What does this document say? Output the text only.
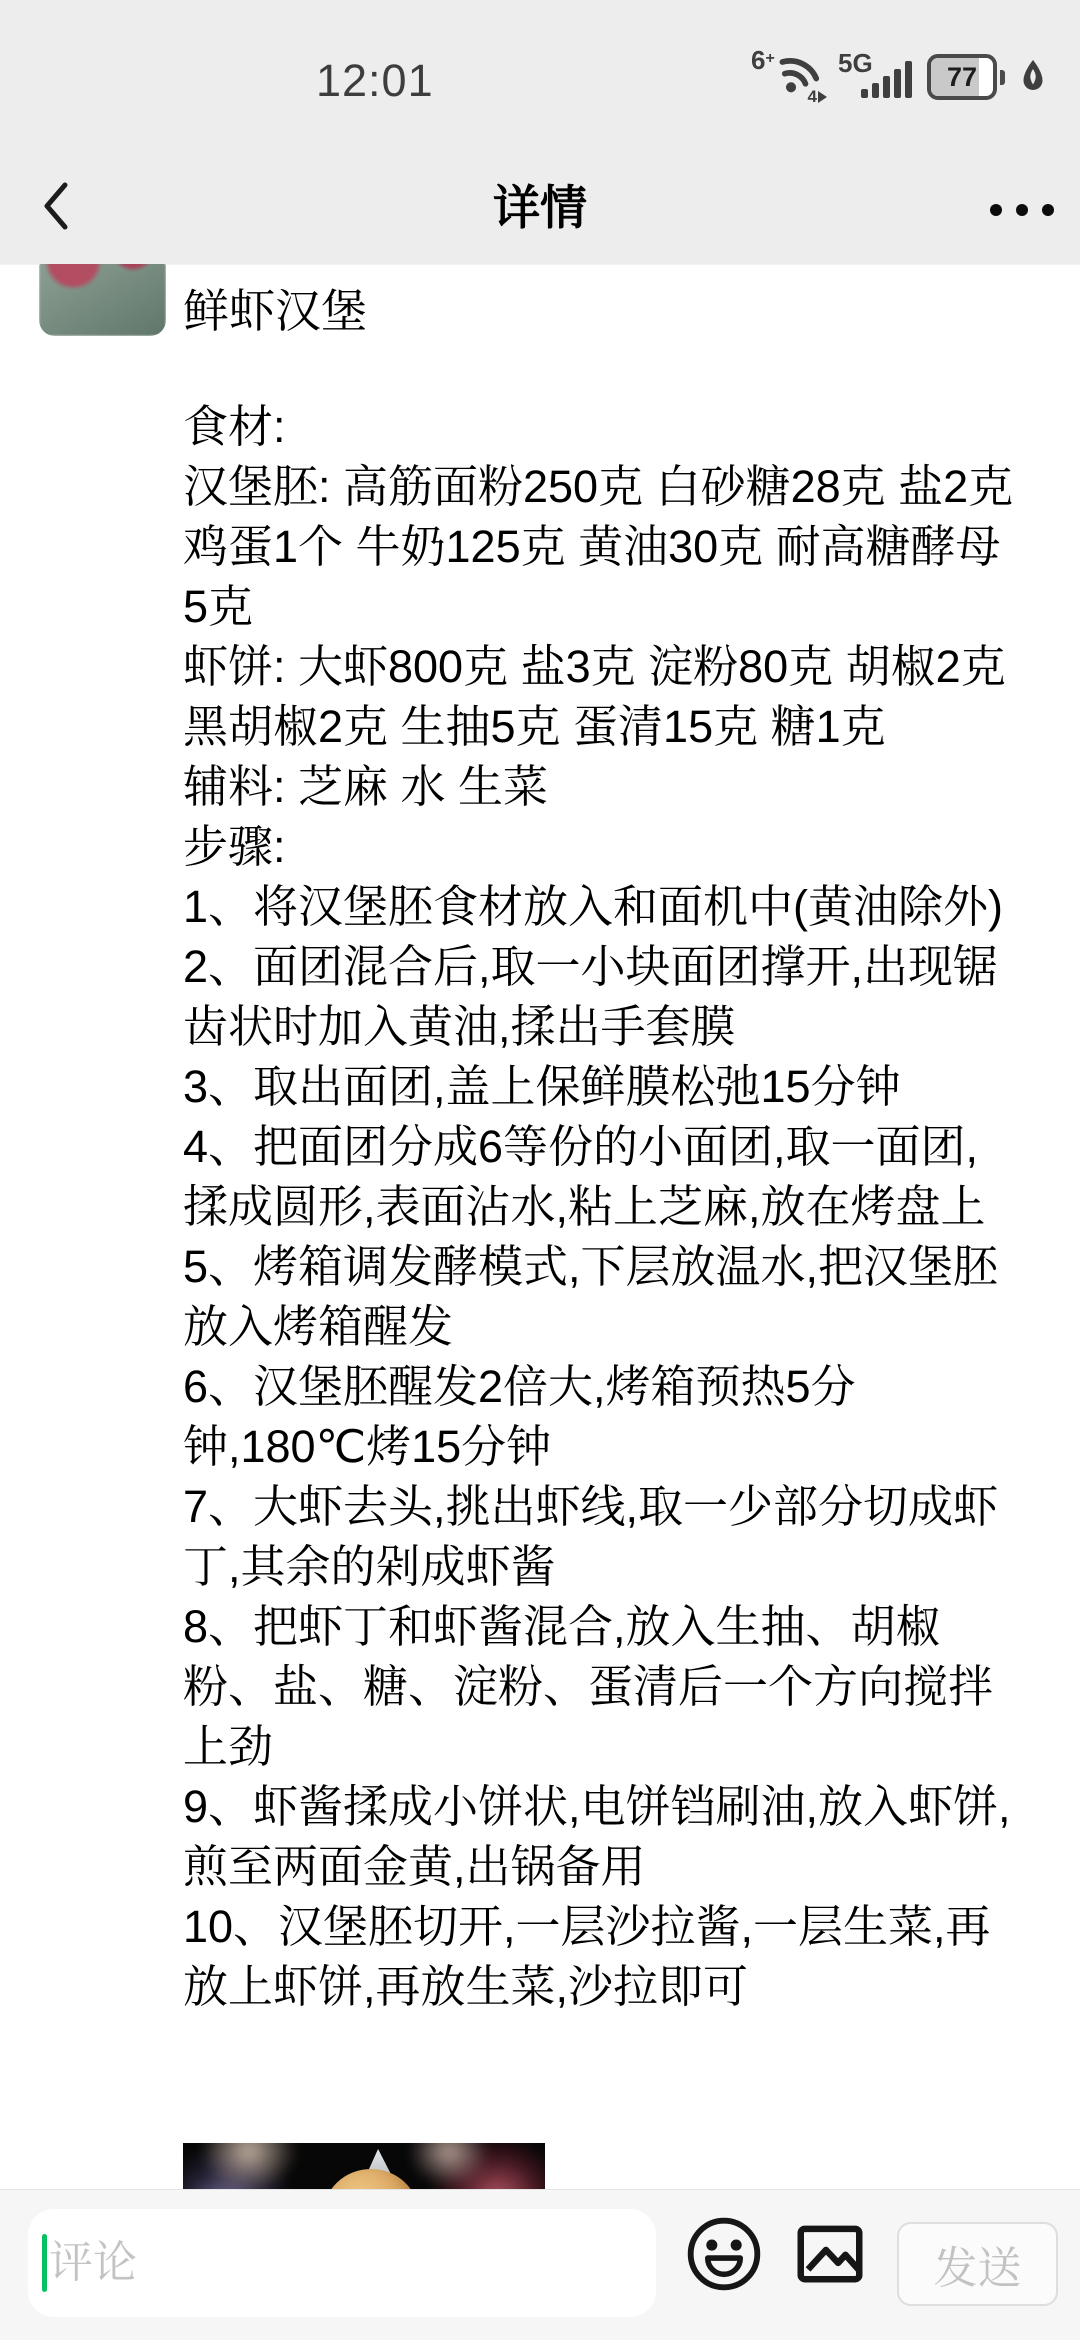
12:01	6+
4
5G	77
详情
鲜虾汉堡
食材:
汉堡胚: 高筋面粉250克 白砂糖28克 盐2克  鸡蛋1个 牛奶125克 黄油30克 耐高糖酵母5克
虾饼: 大虾800克 盐3克 淀粉80克 胡椒2克 黑胡椒2克 生抽5克 蛋清15克 糖1克
辅料: 芝麻 水 生菜
步骤:
1、将汉堡胚食材放入和面机中(黄油除外)
2、面团混合后,取一小块面团撑开,出现锯齿状时加入黄油,揉出手套膜
3、取出面团,盖上保鲜膜松弛15分钟
4、把面团分成6等份的小面团,取一面团,揉成圆形,表面沾水,粘上芝麻,放在烤盘上
5、烤箱调发酵模式,下层放温水,把汉堡胚放入烤箱醒发
6、汉堡胚醒发2倍大,烤箱预热5分钟,180℃烤15分钟
7、大虾去头,挑出虾线,取一少部分切成虾丁,其余的剁成虾酱
8、把虾丁和虾酱混合,放入生抽、胡椒粉、盐、糖、淀粉、蛋清后一个方向搅拌上劲
9、虾酱揉成小饼状,电饼铛刷油,放入虾饼,煎至两面金黄,出锅备用
10、汉堡胚切开,一层沙拉酱,一层生菜,再放上虾饼,再放生菜,沙拉即可
评论
发送
